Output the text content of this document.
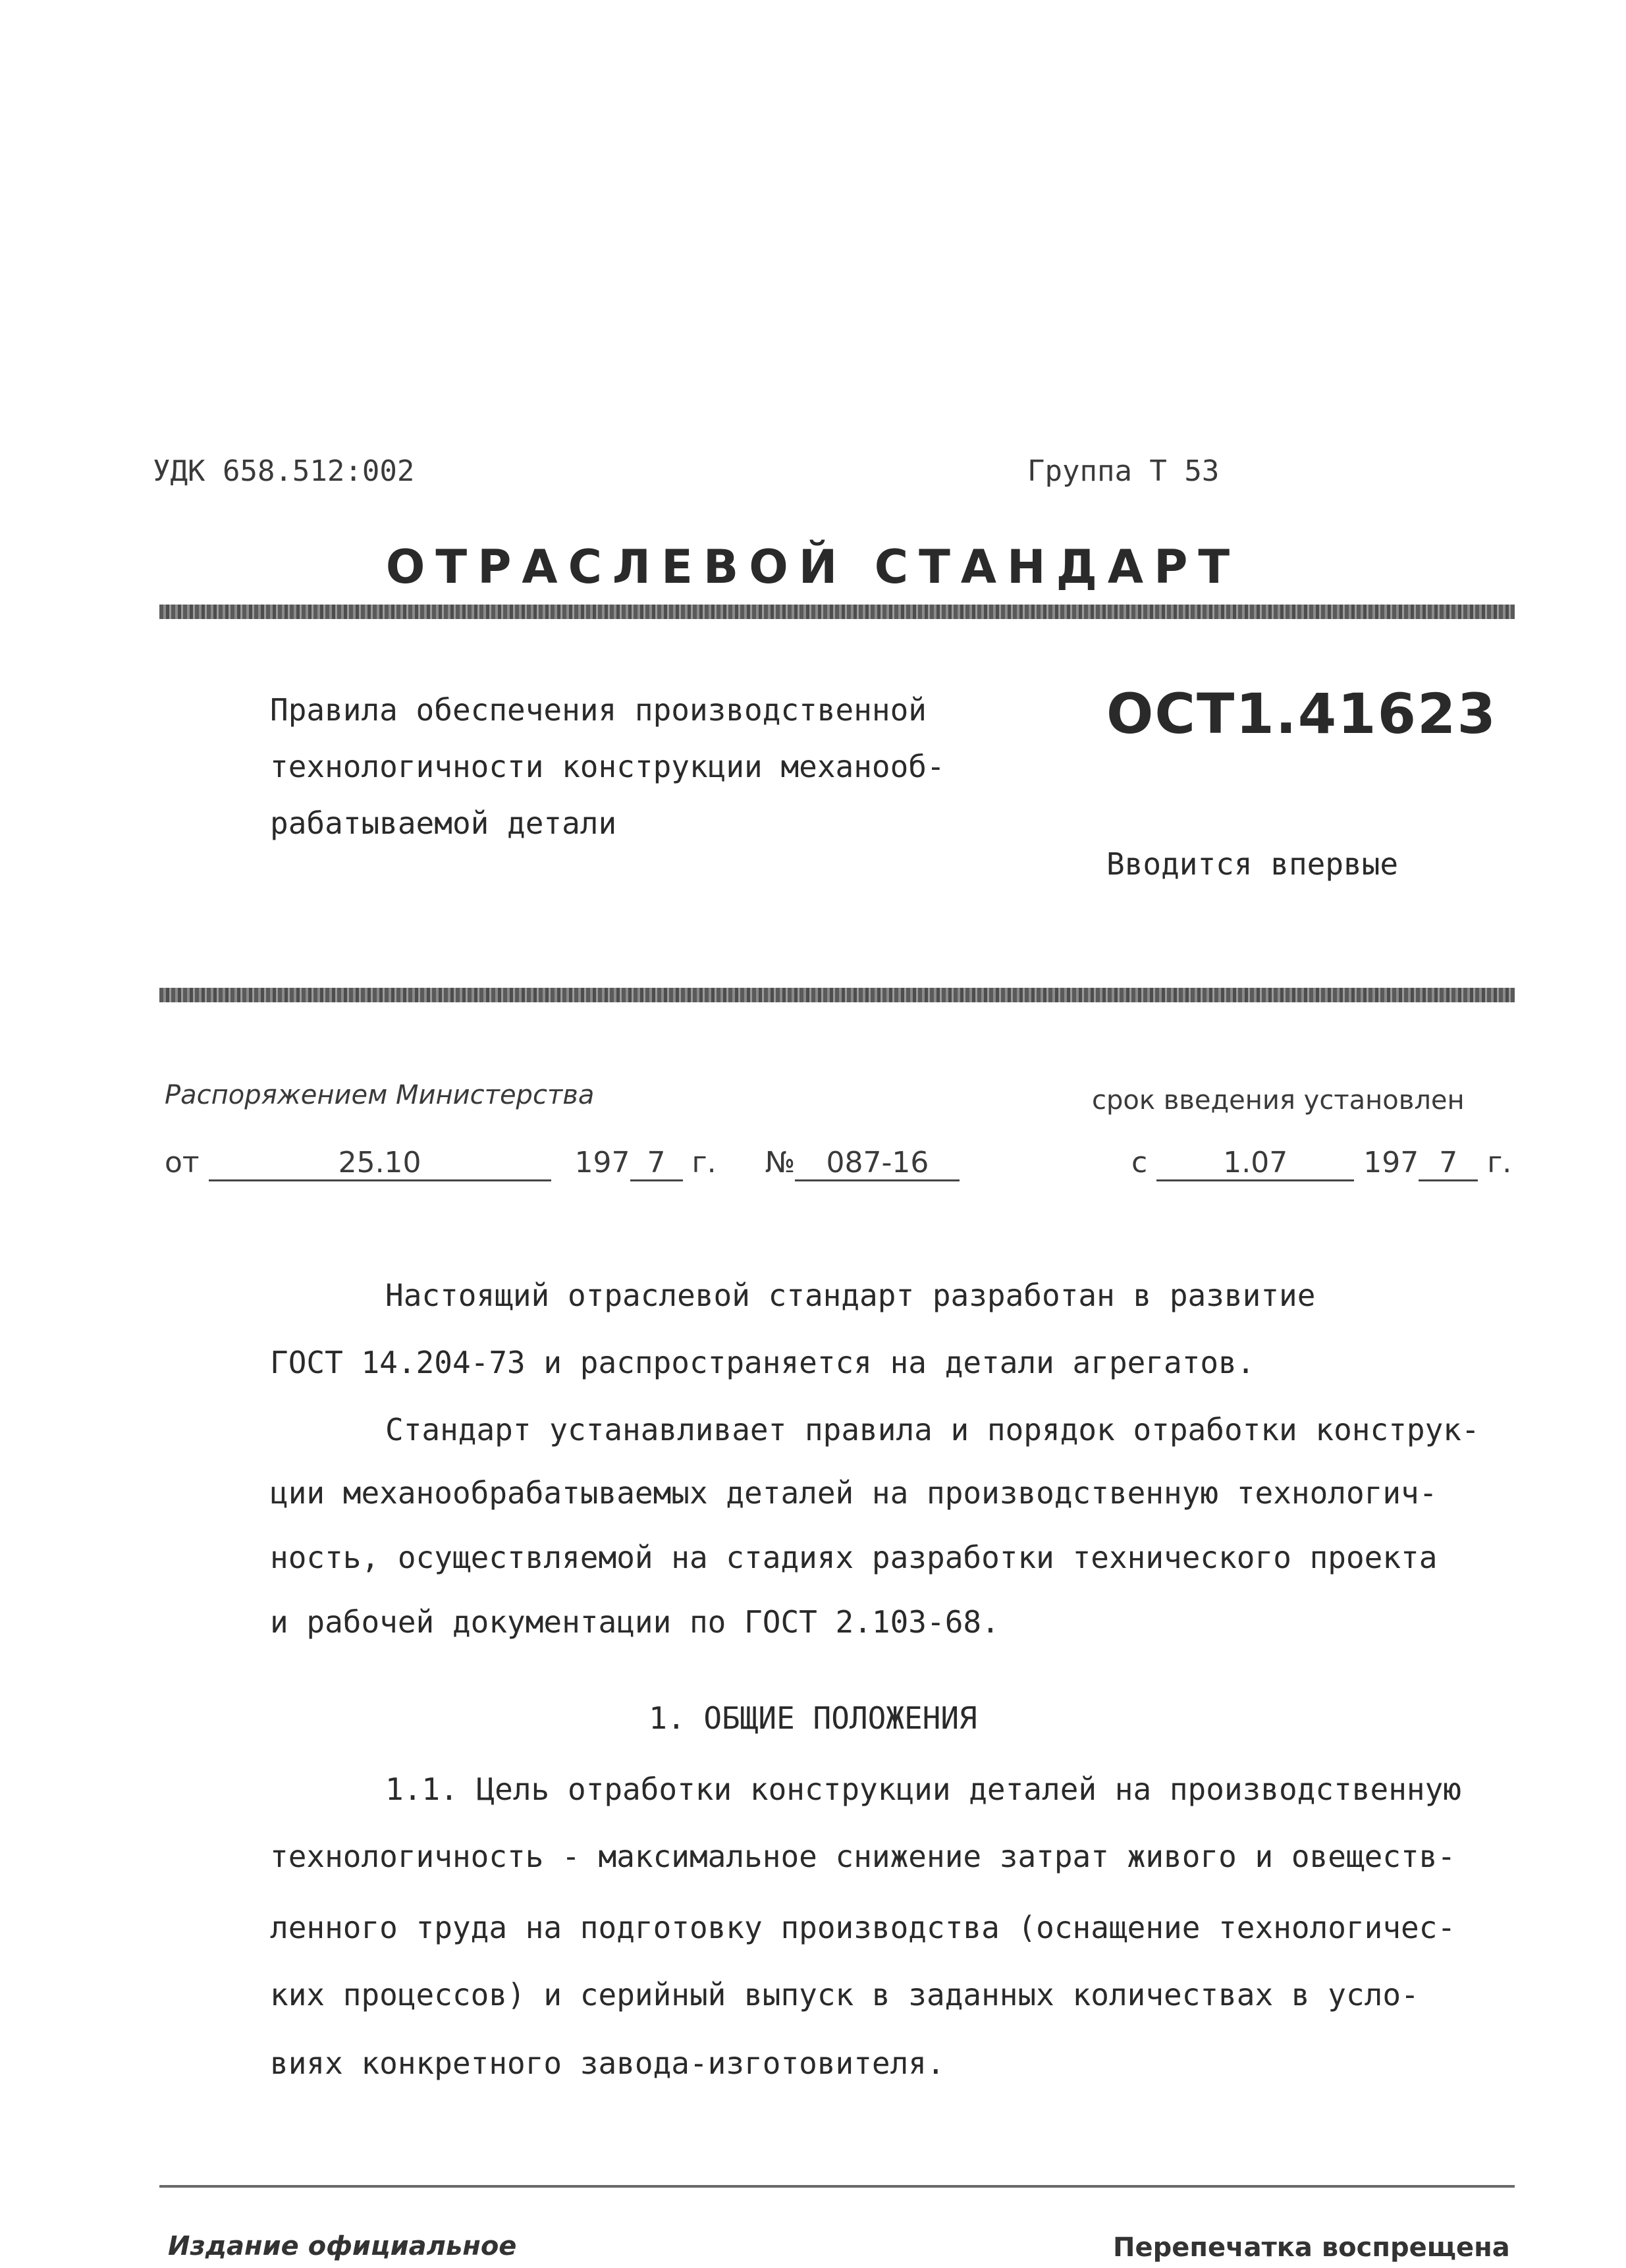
УДК 658.512:002	Группа Т 53
ОТРАСЛЕВОЙ СТАНДАРТ
Правила обеспечения производственной
технологичности конструкции механооб-
рабатываемой детали
ОСТ1.41623
Вводится впервые
Распоряжением Министерства	срок введения установлен
от	25.10	197 7 г. № 087-16	с	1.07	197 7 г.
Настоящий отраслевой стандарт разработан в развитие
ГОСТ 14.204-73 и распространяется на детали агрегатов.
Стандарт устанавливает правила и порядок отработки конструк-
ции механообрабатываемых деталей на производственную технологич-
ность, осуществляемой на стадиях разработки технического проекта
и рабочей документации по ГОСТ 2.103-68.
1. ОБЩИЕ ПОЛОЖЕНИЯ
1.1. Цель отработки конструкции деталей на производственную
технологичность - максимальное снижение затрат живого и овеществ-
ленного труда на подготовку производства (оснащение технологичес-
ких процессов) и серийный выпуск в заданных количествах в усло-
виях конкретного завода-изготовителя.
Издание официальное	Перепечатка воспрещена
